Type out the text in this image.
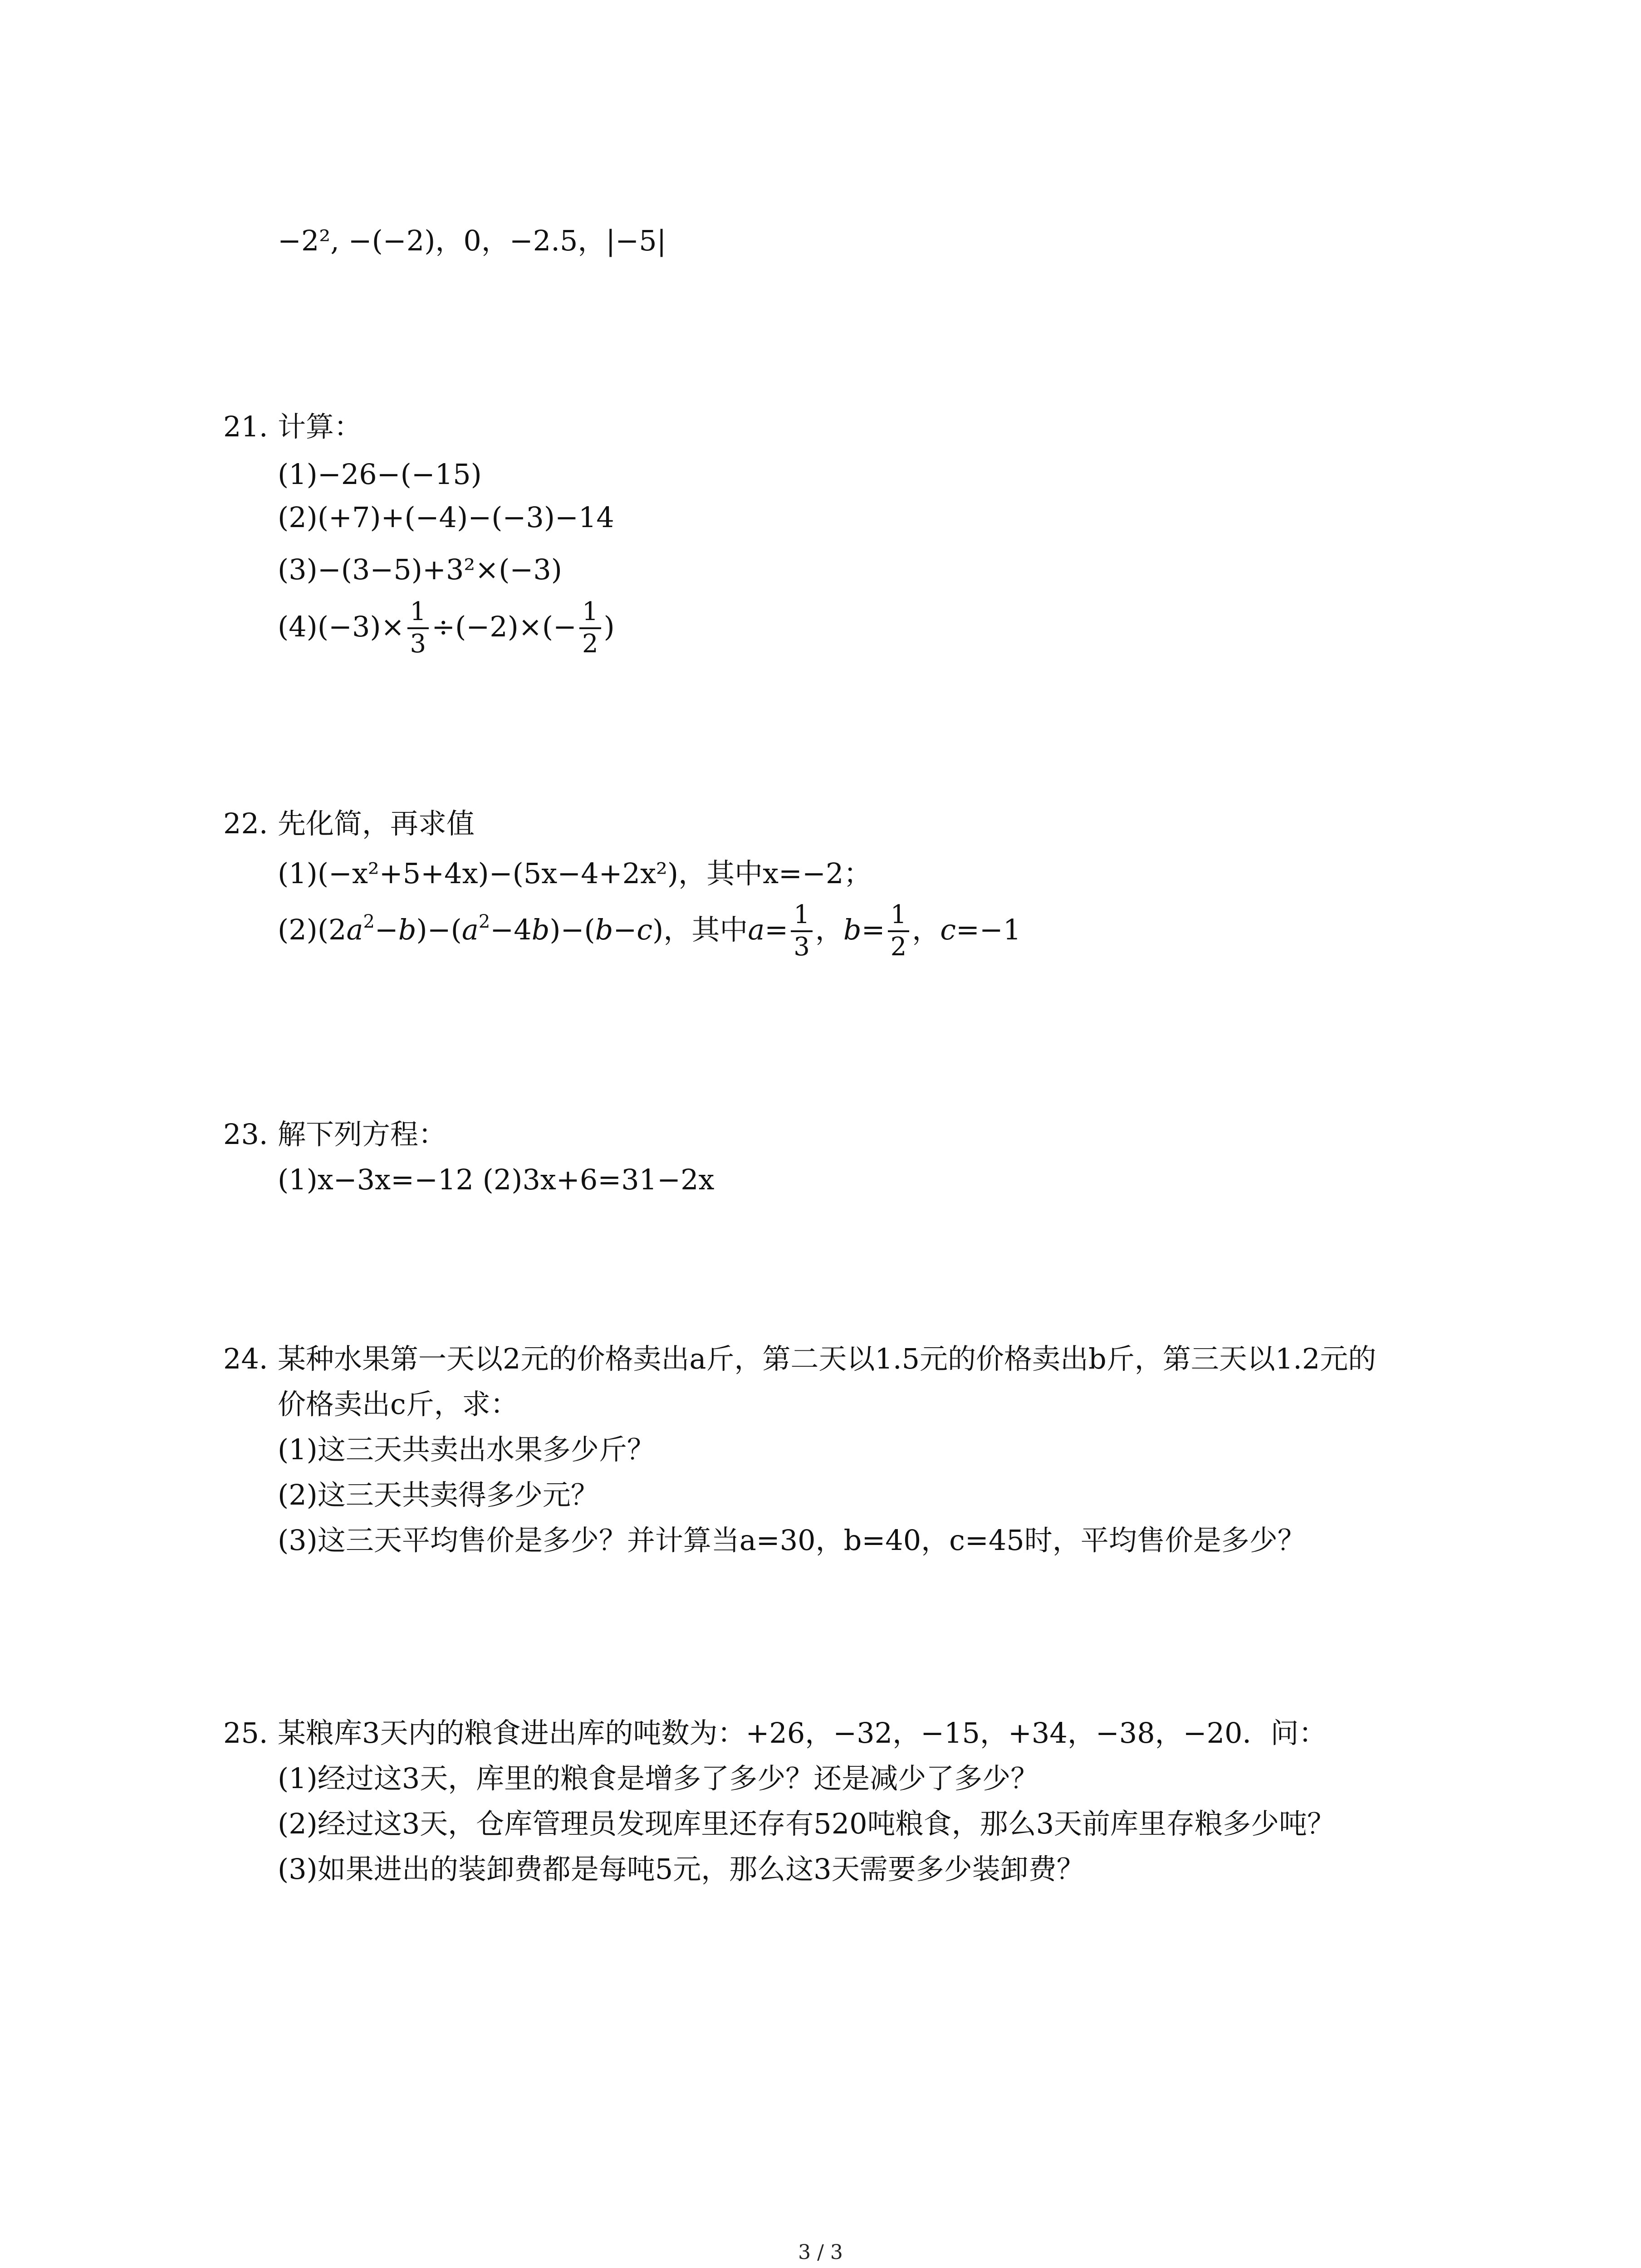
−2², −(−2)，0，−2.5，|−5|
21. 计算：
(1)−26−(−15)
(2)(+7)+(−4)−(−3)−14
(3)−(3−5)+3²×(−3)
$(4)(-3)\times \frac{1}{3} \div(-2)\times(- \frac{1}{2}$ )
22. 先化简，再求值
(1)(−x²+5+4x)−(5x−4+2x²)，其中x=−2；
$(2)(2a^2-b)-(a^2-4b)-(b-c)$，其中$a= \frac{1}{3}$ ，$b= \frac{1}{2}$ ，c=−1
23. 解下列方程：
(1)x−3x=−12 (2)3x+6=31−2x
24. 某种水果第一天以2元的价格卖出a斤，第二天以1.5元的价格卖出b斤，第三天以1.2元的
价格卖出c斤，求：
(1)这三天共卖出水果多少斤？
(2)这三天共卖得多少元？
(3)这三天平均售价是多少？并计算当a=30，b=40，c=45时，平均售价是多少？
25. 某粮库3天内的粮食进出库的吨数为：+26，−32，−15，+34，−38，−20．问：
(1)经过这3天，库里的粮食是增多了多少？还是减少了多少？
(2)经过这3天，仓库管理员发现库里还存有520吨粮食，那么3天前库里存粮多少吨？
(3)如果进出的装卸费都是每吨5元，那么这3天需要多少装卸费？
3 / 3
